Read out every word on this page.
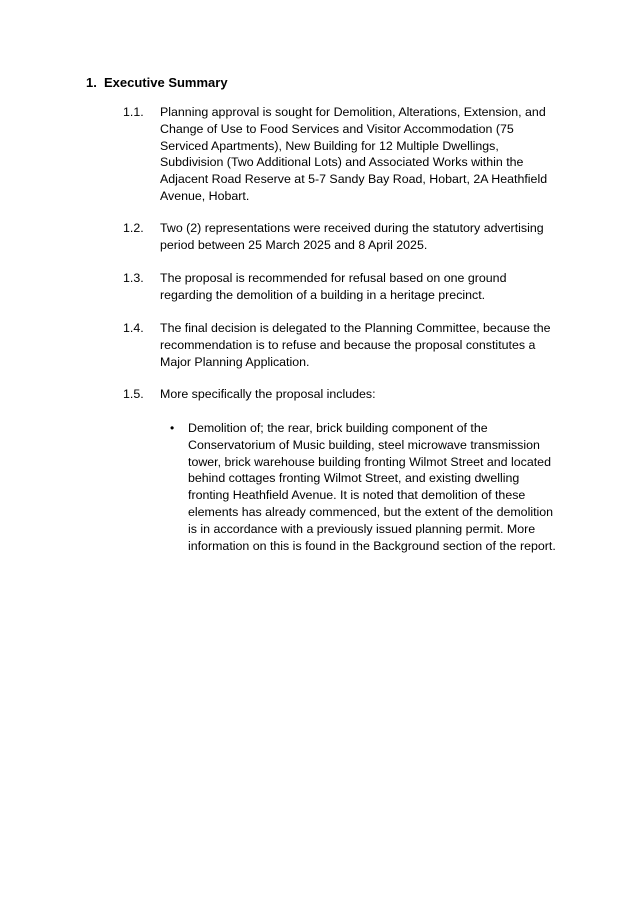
1. Executive Summary
1.1. Planning approval is sought for Demolition, Alterations, Extension, and Change of Use to Food Services and Visitor Accommodation (75 Serviced Apartments), New Building for 12 Multiple Dwellings, Subdivision (Two Additional Lots) and Associated Works within the Adjacent Road Reserve at 5-7 Sandy Bay Road, Hobart, 2A Heathfield Avenue, Hobart.
1.2. Two (2) representations were received during the statutory advertising period between 25 March 2025 and 8 April 2025.
1.3. The proposal is recommended for refusal based on one ground regarding the demolition of a building in a heritage precinct.
1.4. The final decision is delegated to the Planning Committee, because the recommendation is to refuse and because the proposal constitutes a Major Planning Application.
1.5. More specifically the proposal includes:
• Demolition of; the rear, brick building component of the Conservatorium of Music building, steel microwave transmission tower, brick warehouse building fronting Wilmot Street and located behind cottages fronting Wilmot Street, and existing dwelling fronting Heathfield Avenue. It is noted that demolition of these elements has already commenced, but the extent of the demolition is in accordance with a previously issued planning permit. More information on this is found in the Background section of the report.
